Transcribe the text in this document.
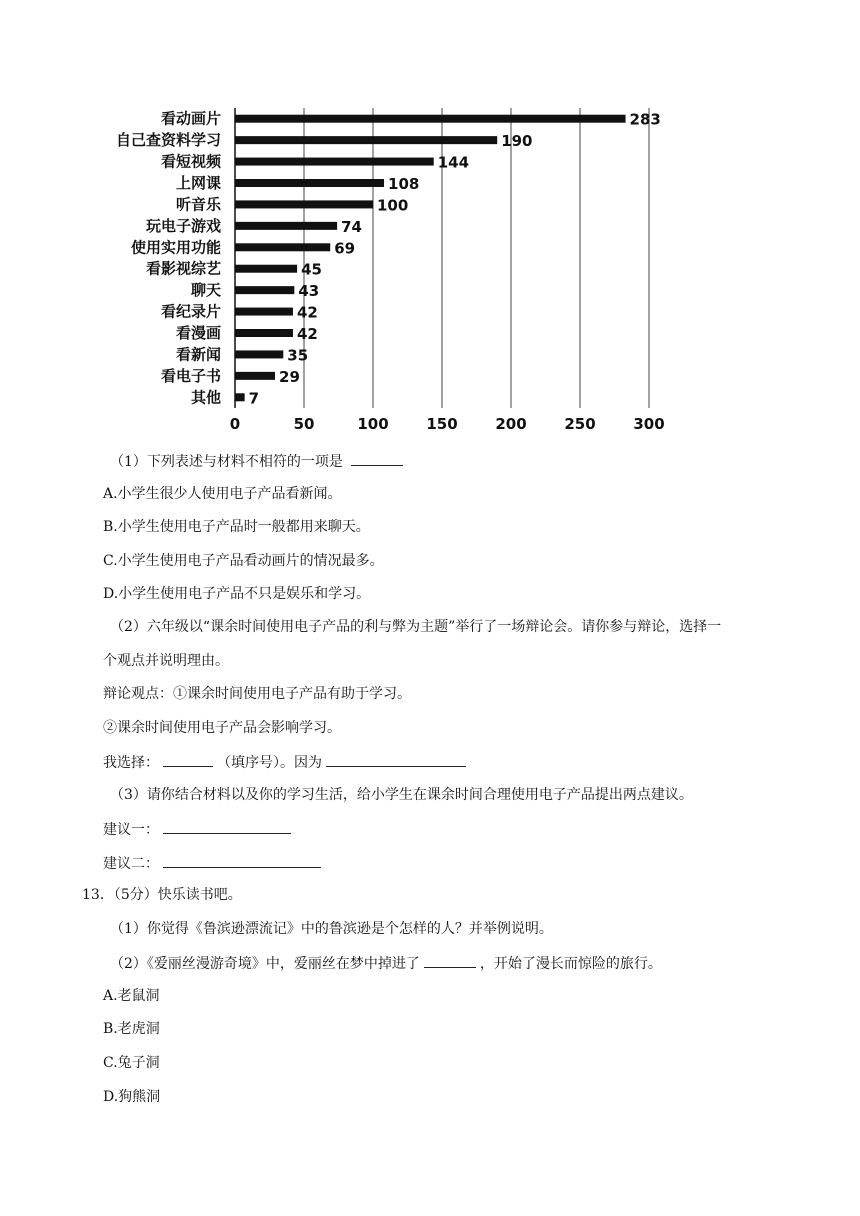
0	50	100	150	200	250	300
看动画片	283
自己查资料学习	190
看短视频	144
上网课	108
听音乐	100
玩电子游戏	74
使用实用功能	69
看影视综艺	45
聊天	43
看纪录片	42
看漫画	42
看新闻	35
看电子书	29
其他 7
（1）下列表述与材料不相符的一项是
A.小学生很少人使用电子产品看新闻。
B.小学生使用电子产品时一般都用来聊天。
C.小学生使用电子产品看动画片的情况最多。
D.小学生使用电子产品不只是娱乐和学习。
（2）六年级以“课余时间使用电子产品的利与弊为主题”举行了一场辩论会。请你参与辩论，选择一
个观点并说明理由。
辩论观点：①课余时间使用电子产品有助于学习。
②课余时间使用电子产品会影响学习。
我选择：	（填序号）。因为
（3）请你结合材料以及你的学习生活，给小学生在课余时间合理使用电子产品提出两点建议。
建议一：
建议二：
13．（5分）快乐读书吧。
（1）你觉得《鲁滨逊漂流记》中的鲁滨逊是个怎样的人？并举例说明。
（2）《爱丽丝漫游奇境》中，爱丽丝在梦中掉进了	，开始了漫长而惊险的旅行。
A.老鼠洞
B.老虎洞
C.兔子洞
D.狗熊洞
